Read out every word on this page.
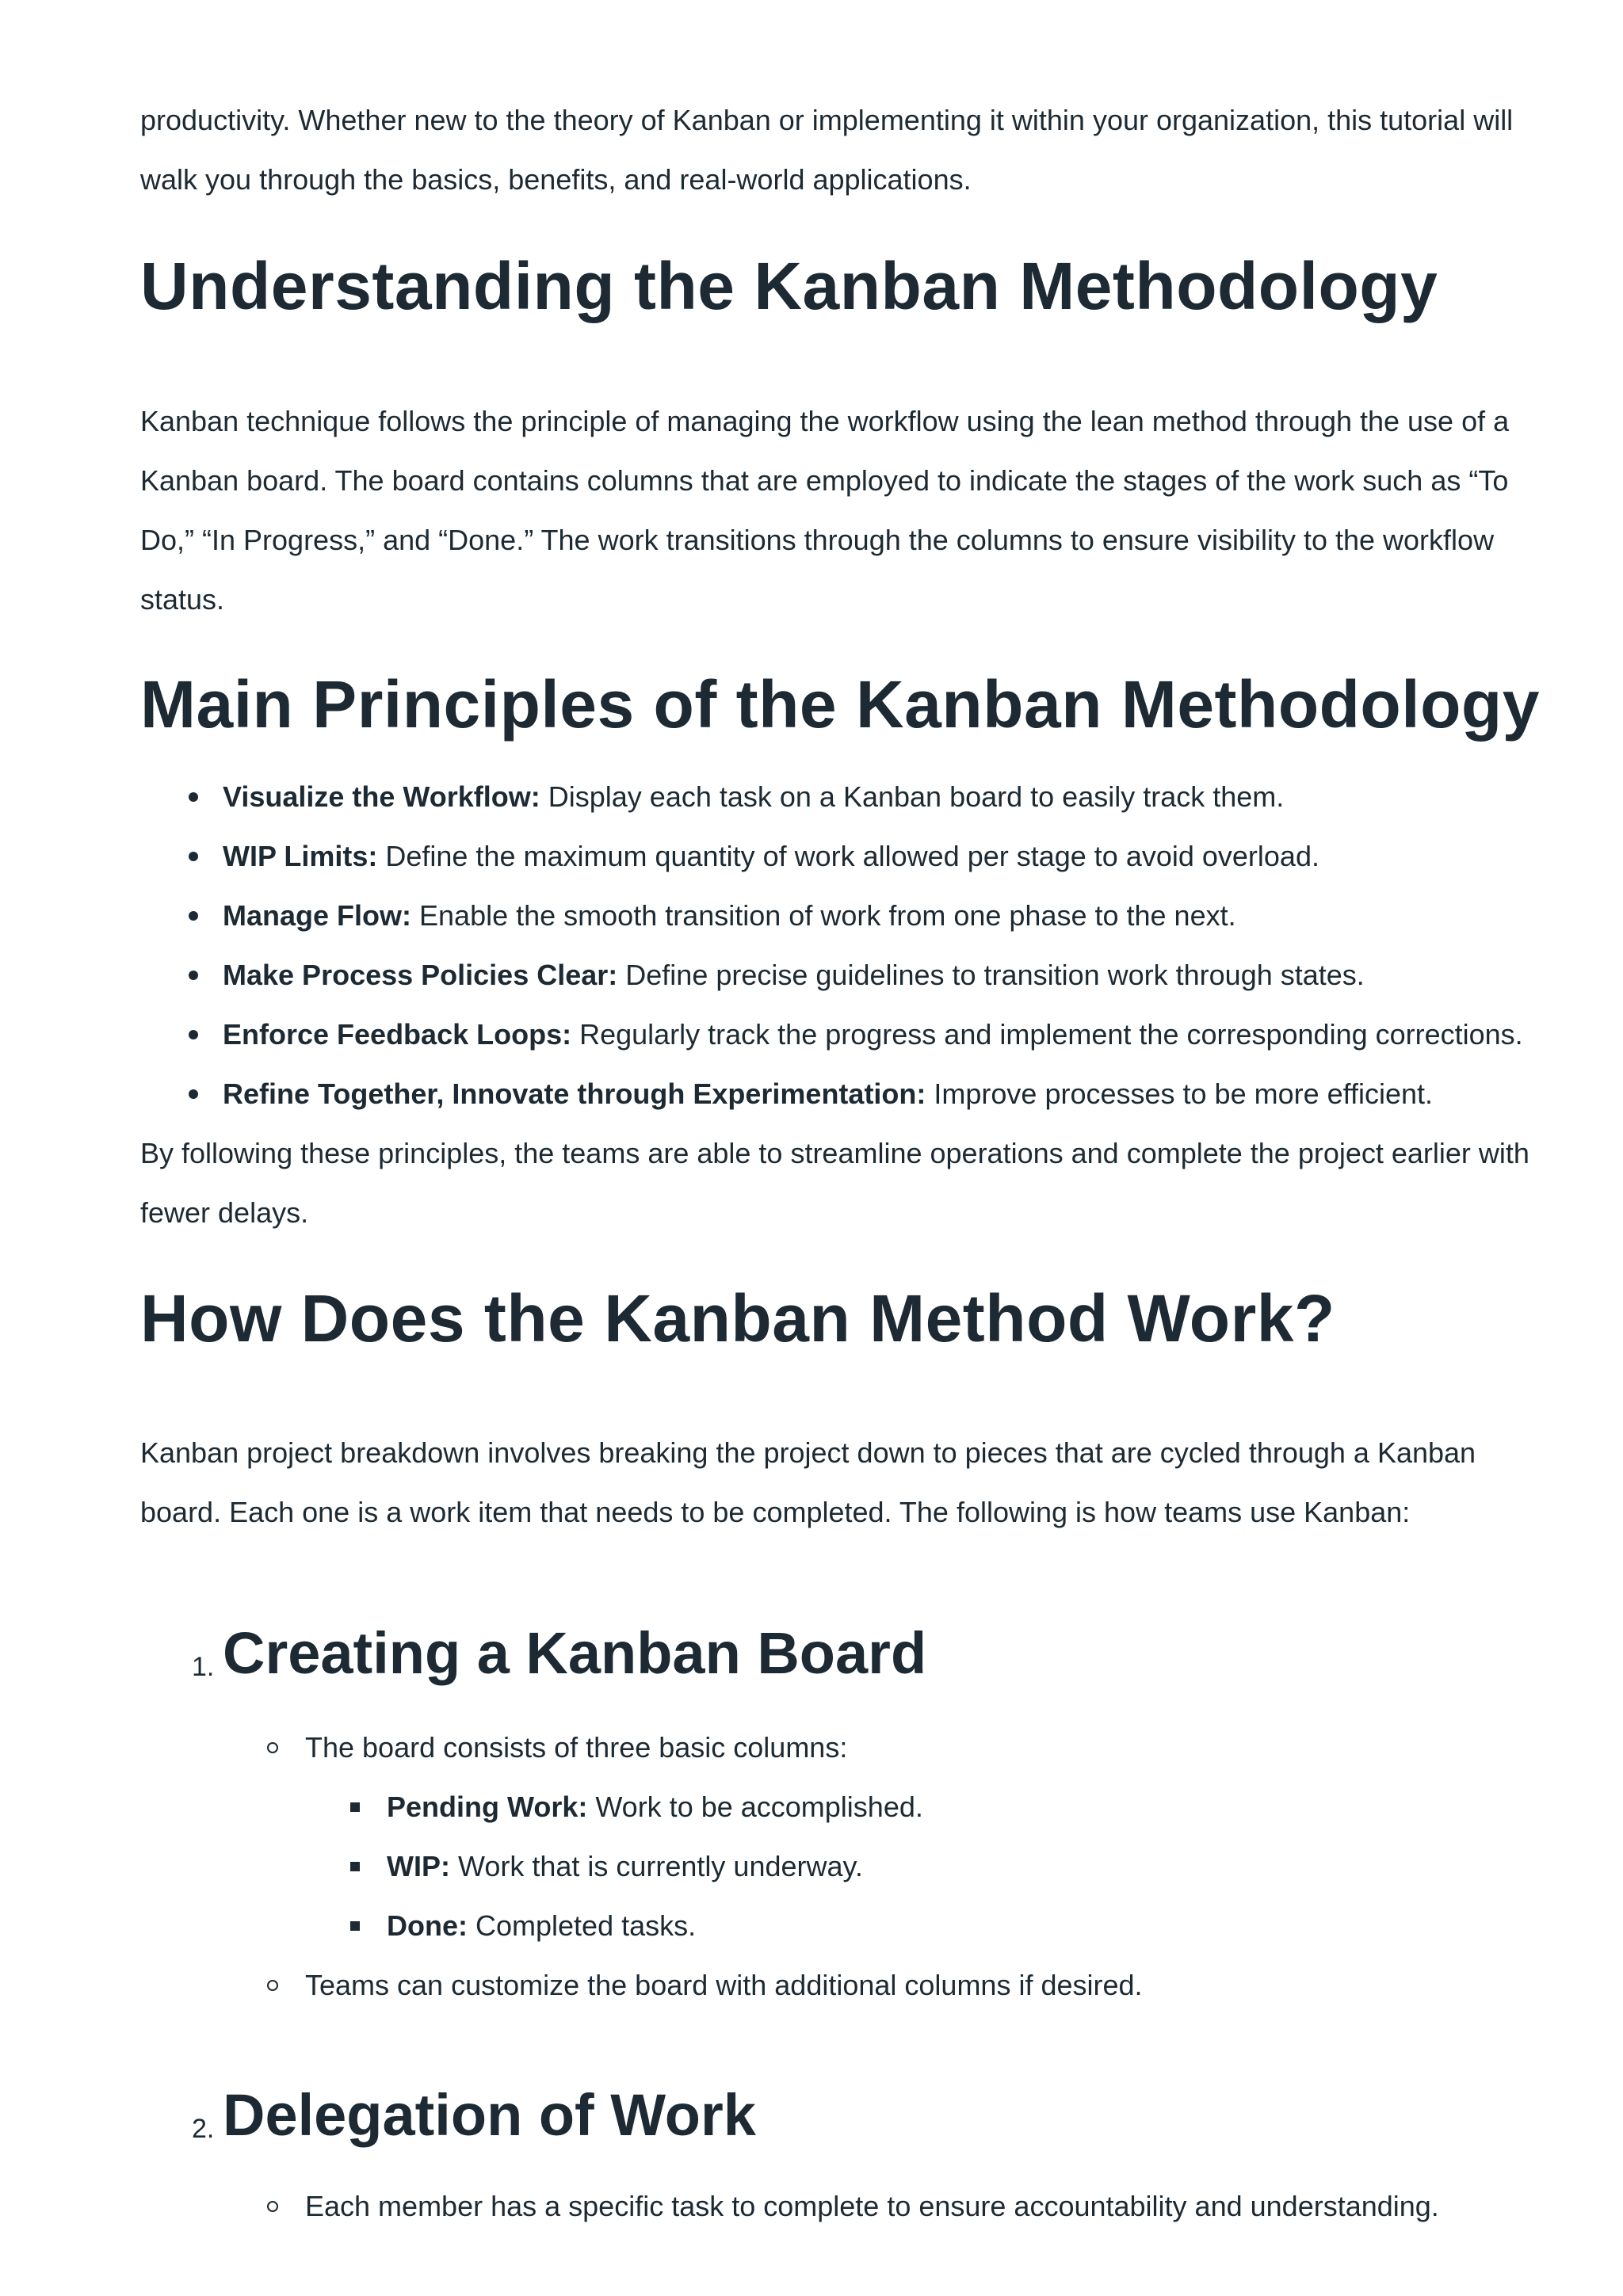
productivity. Whether new to the theory of Kanban or implementing it within your organization, this tutorial will walk you through the basics, benefits, and real-world applications.

Understanding the Kanban Methodology

Kanban technique follows the principle of managing the workflow using the lean method through the use of a Kanban board. The board contains columns that are employed to indicate the stages of the work such as “To Do,” “In Progress,” and “Done.” The work transitions through the columns to ensure visibility to the workflow status.

Main Principles of the Kanban Methodology
Visualize the Workflow: Display each task on a Kanban board to easily track them.
WIP Limits: Define the maximum quantity of work allowed per stage to avoid overload.
Manage Flow: Enable the smooth transition of work from one phase to the next.
Make Process Policies Clear: Define precise guidelines to transition work through states.
Enforce Feedback Loops: Regularly track the progress and implement the corresponding corrections.
Refine Together, Innovate through Experimentation: Improve processes to be more efficient.

By following these principles, the teams are able to streamline operations and complete the project earlier with fewer delays.

How Does the Kanban Method Work?

Kanban project breakdown involves breaking the project down to pieces that are cycled through a Kanban board. Each one is a work item that needs to be completed. The following is how teams use Kanban:

1. Creating a Kanban Board
The board consists of three basic columns:
Pending Work: Work to be accomplished.
WIP: Work that is currently underway.
Done: Completed tasks.
Teams can customize the board with additional columns if desired.
2. Delegation of Work
Each member has a specific task to complete to ensure accountability and understanding.
